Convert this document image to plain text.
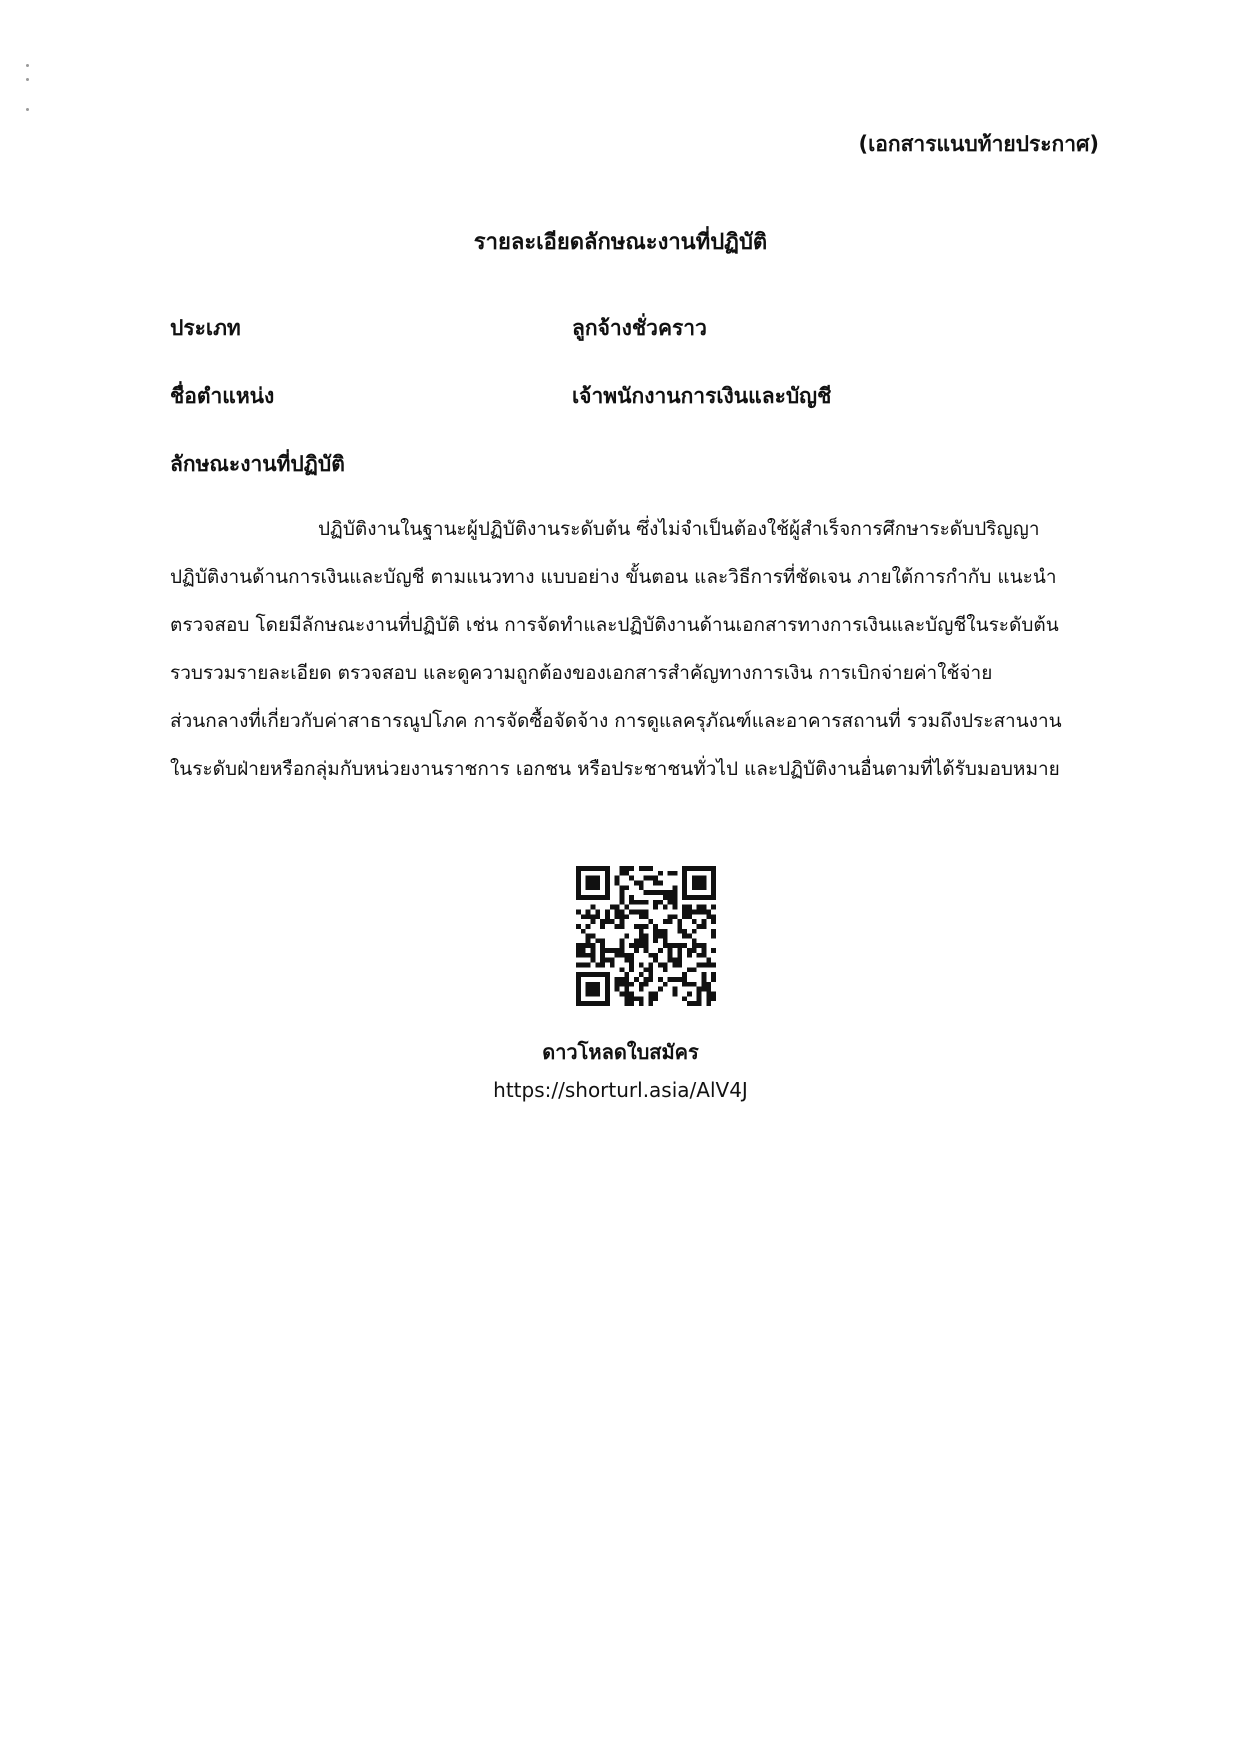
(เอกสารแนบท้ายประกาศ)
รายละเอียดลักษณะงานที่ปฏิบัติ
ประเภท	ลูกจ้างชั่วคราว
ชื่อตำแหน่ง	เจ้าพนักงานการเงินและบัญชี
ลักษณะงานที่ปฏิบัติ
ปฏิบัติงานในฐานะผู้ปฏิบัติงานระดับต้น ซึ่งไม่จำเป็นต้องใช้ผู้สำเร็จการศึกษาระดับปริญญา
ปฏิบัติงานด้านการเงินและบัญชี ตามแนวทาง แบบอย่าง ขั้นตอน และวิธีการที่ชัดเจน ภายใต้การกำกับ แนะนำ
ตรวจสอบ โดยมีลักษณะงานที่ปฏิบัติ เช่น การจัดทำและปฏิบัติงานด้านเอกสารทางการเงินและบัญชีในระดับต้น
รวบรวมรายละเอียด ตรวจสอบ และดูความถูกต้องของเอกสารสำคัญทางการเงิน การเบิกจ่ายค่าใช้จ่าย
ส่วนกลางที่เกี่ยวกับค่าสาธารณูปโภค การจัดซื้อจัดจ้าง การดูแลครุภัณฑ์และอาคารสถานที่ รวมถึงประสานงาน
ในระดับฝ่ายหรือกลุ่มกับหน่วยงานราชการ เอกชน หรือประชาชนทั่วไป และปฏิบัติงานอื่นตามที่ได้รับมอบหมาย
ดาวโหลดใบสมัคร
https://shorturl.asia/AlV4J
